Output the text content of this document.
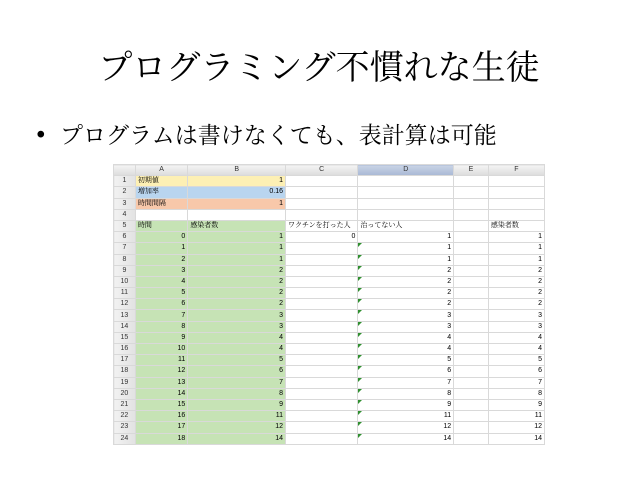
プログラミング不慣れな生徒
• プログラムは書けなくても、表計算は可能
	A	B	C	D	E	F
1	初期値	1				
2	増加率	0.16				
3	時間間隔	1				
4						
5	時間	感染者数	ワクチンを打った人	治ってない人		感染者数
6	0	1	0	1		1
7	1	1		1		1
8	2	1		1		1
9	3	2		2		2
10	4	2		2		2
11	5	2		2		2
12	6	2		2		2
13	7	3		3		3
14	8	3		3		3
15	9	4		4		4
16	10	4		4		4
17	11	5		5		5
18	12	6		6		6
19	13	7		7		7
20	14	8		8		8
21	15	9		9		9
22	16	11		11		11
23	17	12		12		12
24	18	14		14		14
